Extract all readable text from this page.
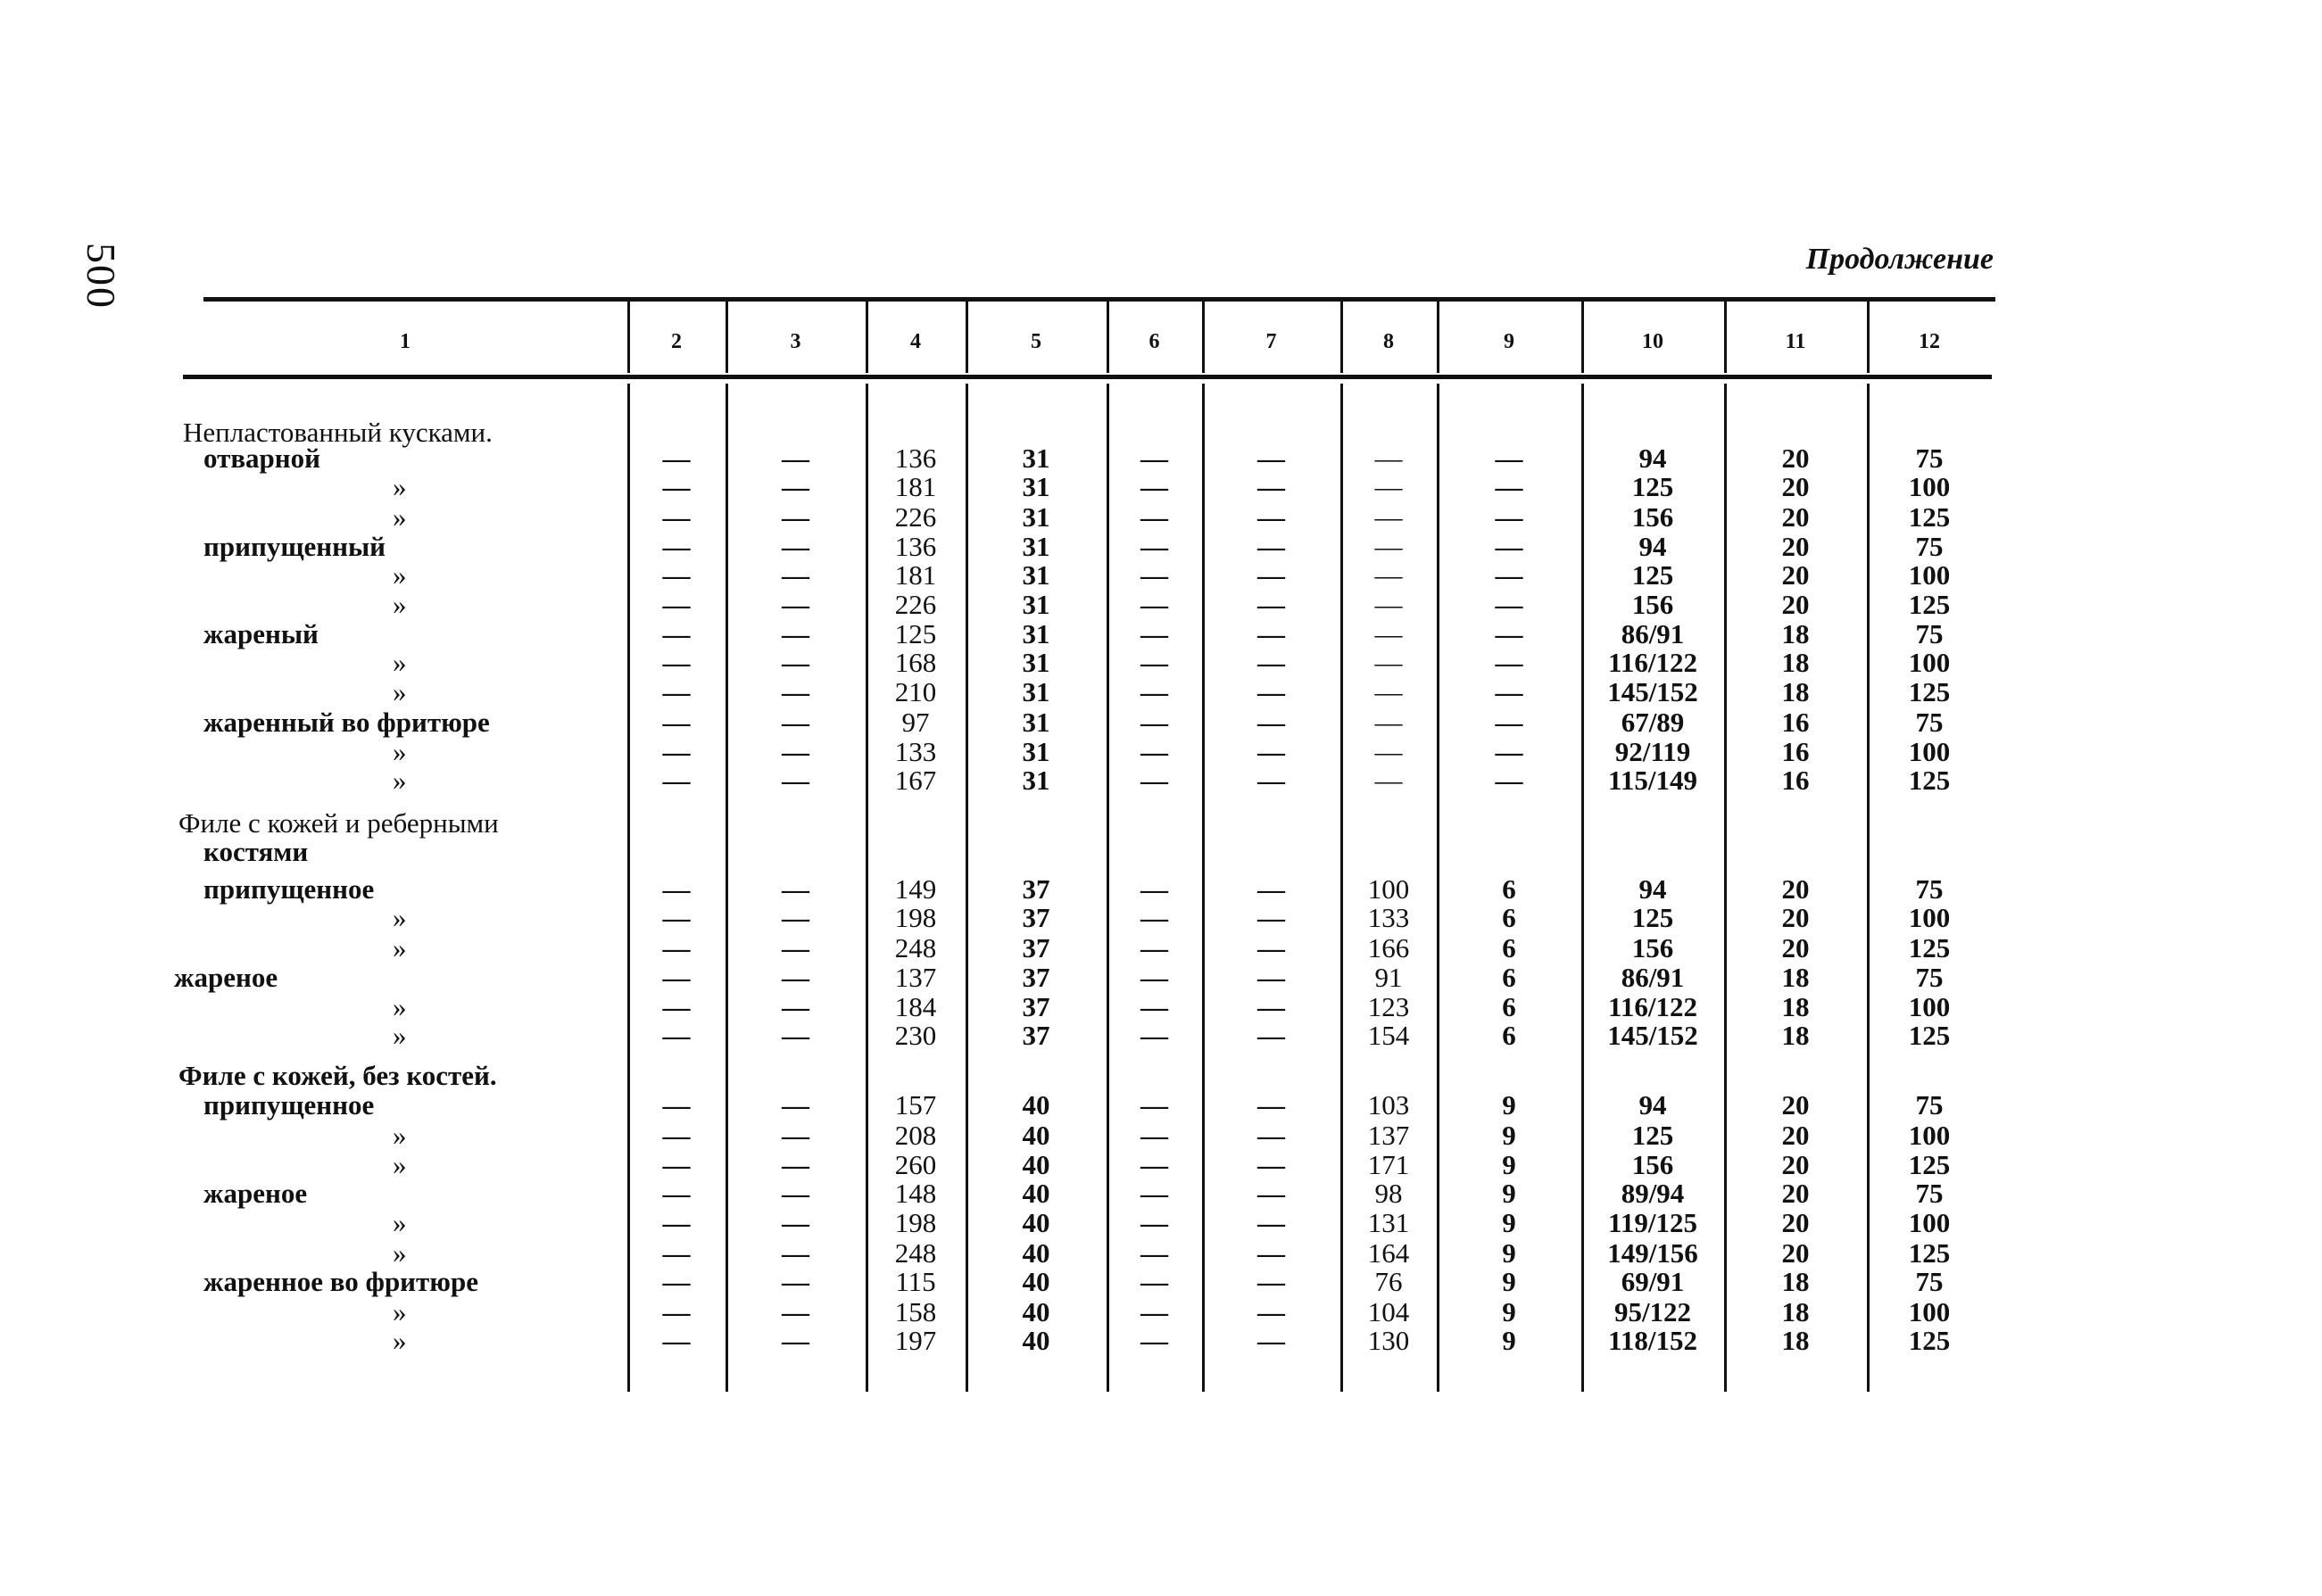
500	Продолжение
1	2	3	4	5	6	7	8	9	10	11	12
Непластованный кусками.
отварной	—	—	136	31	—	—	—	—	94	20	75
»	—	—	181	31	—	—	—	—	125	20	100
»	—	—	226	31	—	—	—	—	156	20	125
припущенный	—	—	136	31	—	—	—	—	94	20	75
»	—	—	181	31	—	—	—	—	125	20	100
»	—	—	226	31	—	—	—	—	156	20	125
жареный	—	—	125	31	—	—	—	—	86/91	18	75
»	—	—	168	31	—	—	—	—	116/122	18	100
»	—	—	210	31	—	—	—	—	145/152	18	125
жаренный во фритюре	—	—	97	31	—	—	—	—	67/89	16	75
»	—	—	133	31	—	—	—	—	92/119	16	100
»	—	—	167	31	—	—	—	—	115/149	16	125
Филе с кожей и реберными
костями
припущенное	—	—	149	37	—	—	100	6	94	20	75
»	—	—	198	37	—	—	133	6	125	20	100
»	—	—	248	37	—	—	166	6	156	20	125
жареное	—	—	137	37	—	—	91	6	86/91	18	75
»	—	—	184	37	—	—	123	6	116/122	18	100
»	—	—	230	37	—	—	154	6	145/152	18	125
Филе с кожей, без костей.
припущенное	—	—	157	40	—	—	103	9	94	20	75
»	—	—	208	40	—	—	137	9	125	20	100
»	—	—	260	40	—	—	171	9	156	20	125
жареное	—	—	148	40	—	—	98	9	89/94	20	75
»	—	—	198	40	—	—	131	9	119/125	20	100
»	—	—	248	40	—	—	164	9	149/156	20	125
жаренное во фритюре	—	—	115	40	—	—	76	9	69/91	18	75
»	—	—	158	40	—	—	104	9	95/122	18	100
»	—	—	197	40	—	—	130	9	118/152	18	125
